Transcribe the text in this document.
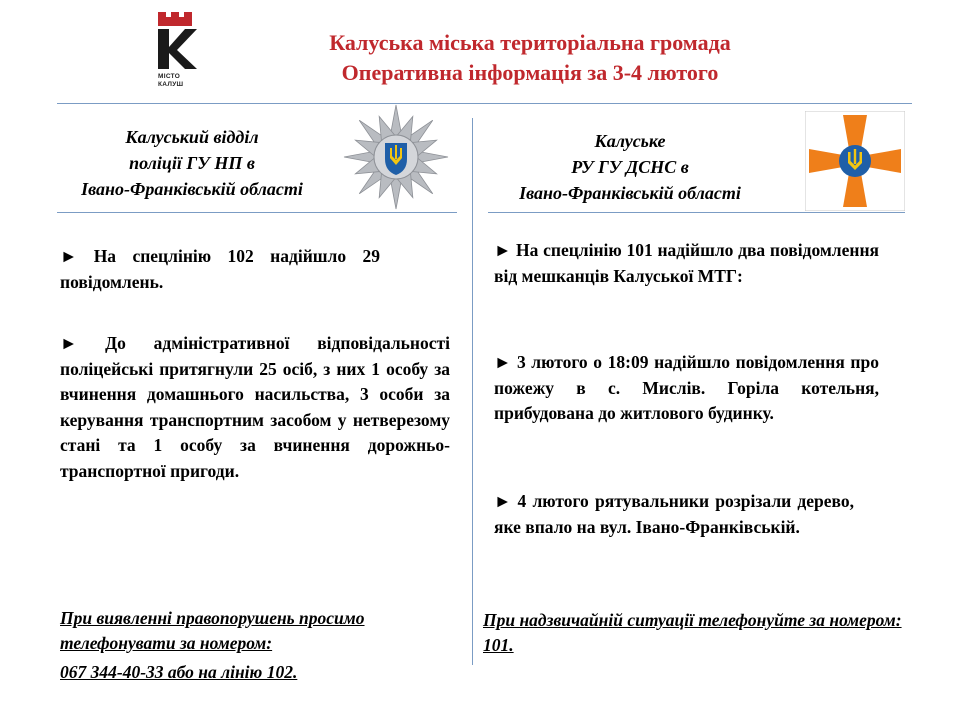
МІСТО
КАЛУШ
Калуська міська територіальна громада
Оперативна інформація за 3-4 лютого
Калуський відділ
поліції ГУ НП в
Івано-Франківській області
Калуське
РУ ГУ ДСНС в
Івано-Франківській області
► На спецлінію 102 надійшло 29 повідомлень.
► До адміністративної відповідальності поліцейські притягнули 25 осіб, з них 1 особу за вчинення домашнього насильства, 3 особи за керування транспортним засобом у нетверезому стані та 1 особу за вчинення дорожньо-транспортної пригоди.
► На спецлінію 101 надійшло два повідомлення від мешканців Калуської МТГ:
► 3 лютого о 18:09 надійшло повідомлення про пожежу в с. Мислів. Горіла котельня, прибудована до житлового будинку.
► 4 лютого рятувальники розрізали дерево, яке впало на вул. Івано-Франківській.
При виявленні правопорушень просимо телефонувати за номером:
067 344-40-33 або на лінію 102.
При надзвичайній ситуації телефонуйте за номером: 101.
